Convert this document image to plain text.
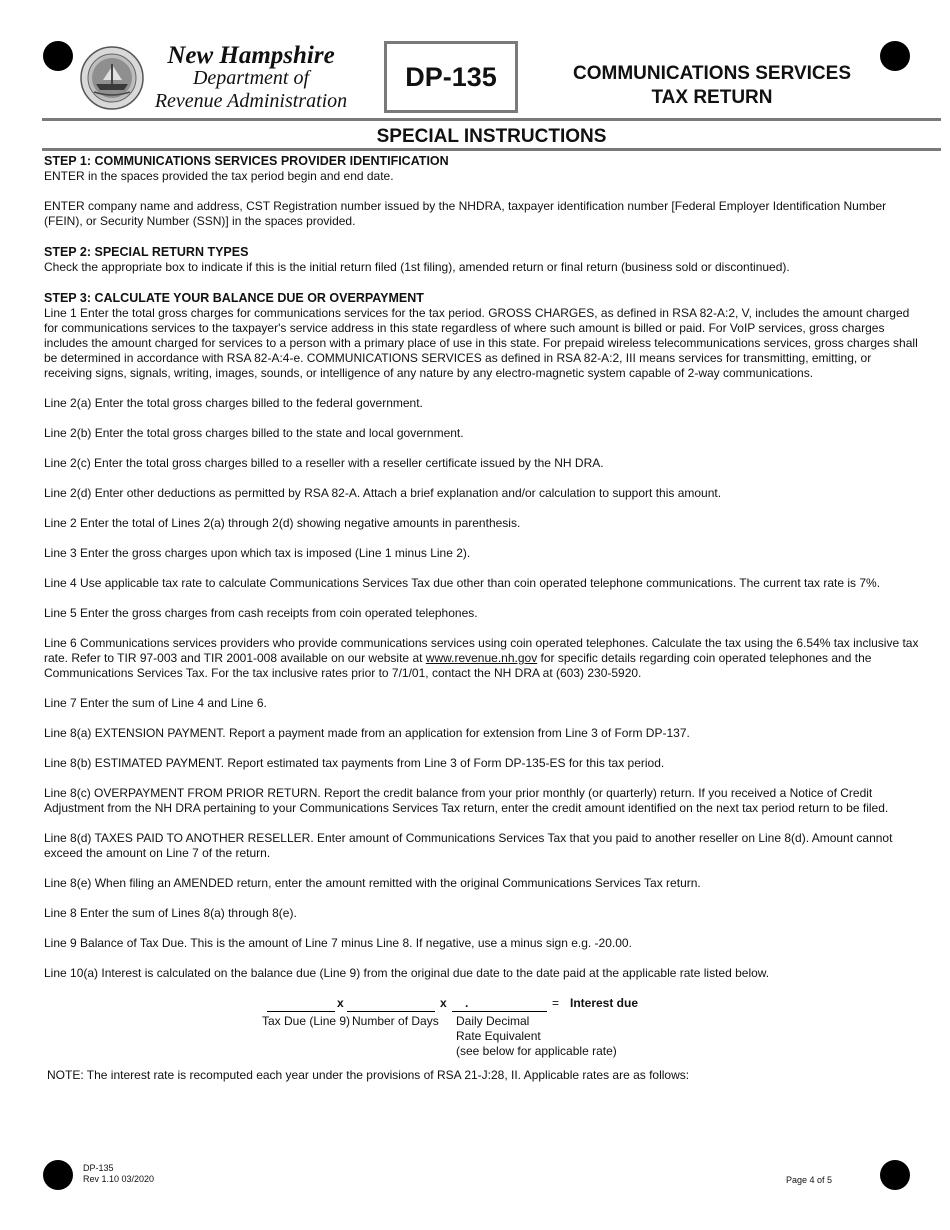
New Hampshire
Department of
Revenue Administration
DP-135	COMMUNICATIONS SERVICES
TAX RETURN
SPECIAL INSTRUCTIONS
STEP 1: COMMUNICATIONS SERVICES PROVIDER IDENTIFICATION

ENTER in the spaces provided the tax period begin and end date.

ENTER company name and address, CST Registration number issued by the NHDRA, taxpayer identification number [Federal Employer Identification Number (FEIN), or Security Number (SSN)] in the spaces provided.

STEP 2: SPECIAL RETURN TYPES

Check the appropriate box to indicate if this is the initial return filed (1st filing), amended return or final return (business sold or discontinued).

STEP 3: CALCULATE YOUR BALANCE DUE OR OVERPAYMENT

Line 1 Enter the total gross charges for communications services for the tax period. GROSS CHARGES, as defined in RSA 82-A:2, V, includes the amount charged for communications services to the taxpayer's service address in this state regardless of where such amount is billed or paid. For VoIP services, gross charges includes the amount charged for services to a person with a primary place of use in this state. For prepaid wireless telecommunications services, gross charges shall be determined in accordance with RSA 82-A:4-e. COMMUNICATIONS SERVICES as defined in RSA 82-A:2, III means services for transmitting, emitting, or receiving signs, signals, writing, images, sounds, or intelligence of any nature by any electro-magnetic system capable of 2-way communications.

Line 2(a) Enter the total gross charges billed to the federal government.

Line 2(b) Enter the total gross charges billed to the state and local government.

Line 2(c) Enter the total gross charges billed to a reseller with a reseller certificate issued by the NH DRA.

Line 2(d) Enter other deductions as permitted by RSA 82-A. Attach a brief explanation and/or calculation to support this amount.

Line 2 Enter the total of Lines 2(a) through 2(d) showing negative amounts in parenthesis.

Line 3 Enter the gross charges upon which tax is imposed (Line 1 minus Line 2).

Line 4 Use applicable tax rate to calculate Communications Services Tax due other than coin operated telephone communications. The current tax rate is 7%.

Line 5 Enter the gross charges from cash receipts from coin operated telephones.

Line 6 Communications services providers who provide communications services using coin operated telephones. Calculate the tax using the 6.54% tax inclusive tax rate. Refer to TIR 97-003 and TIR 2001-008 available on our website at www.revenue.nh.gov for specific details regarding coin operated telephones and the Communications Services Tax. For the tax inclusive rates prior to 7/1/01, contact the NH DRA at (603) 230-5920.

Line 7 Enter the sum of Line 4 and Line 6.

Line 8(a) EXTENSION PAYMENT. Report a payment made from an application for extension from Line 3 of Form DP-137.

Line 8(b) ESTIMATED PAYMENT. Report estimated tax payments from Line 3 of Form DP-135-ES for this tax period.

Line 8(c) OVERPAYMENT FROM PRIOR RETURN. Report the credit balance from your prior monthly (or quarterly) return. If you received a Notice of Credit Adjustment from the NH DRA pertaining to your Communications Services Tax return, enter the credit amount identified on the next tax period return to be filed.

Line 8(d) TAXES PAID TO ANOTHER RESELLER. Enter amount of Communications Services Tax that you paid to another reseller on Line 8(d). Amount cannot exceed the amount on Line 7 of the return.

Line 8(e) When filing an AMENDED return, enter the amount remitted with the original Communications Services Tax return.

Line 8 Enter the sum of Lines 8(a) through 8(e).

Line 9 Balance of Tax Due. This is the amount of Line 7 minus Line 8. If negative, use a minus sign e.g. -20.00.

Line 10(a) Interest is calculated on the balance due (Line 9) from the original due date to the date paid at the applicable rate listed below.

x	x .	= Interest due
Tax Due (Line 9) Number of Days Daily Decimal
Rate Equivalent
(see below for applicable rate)
NOTE: The interest rate is recomputed each year under the provisions of RSA 21-J:28, II. Applicable rates are as follows:
DP-135
Rev 1.10 03/2020	Page 4 of 5
